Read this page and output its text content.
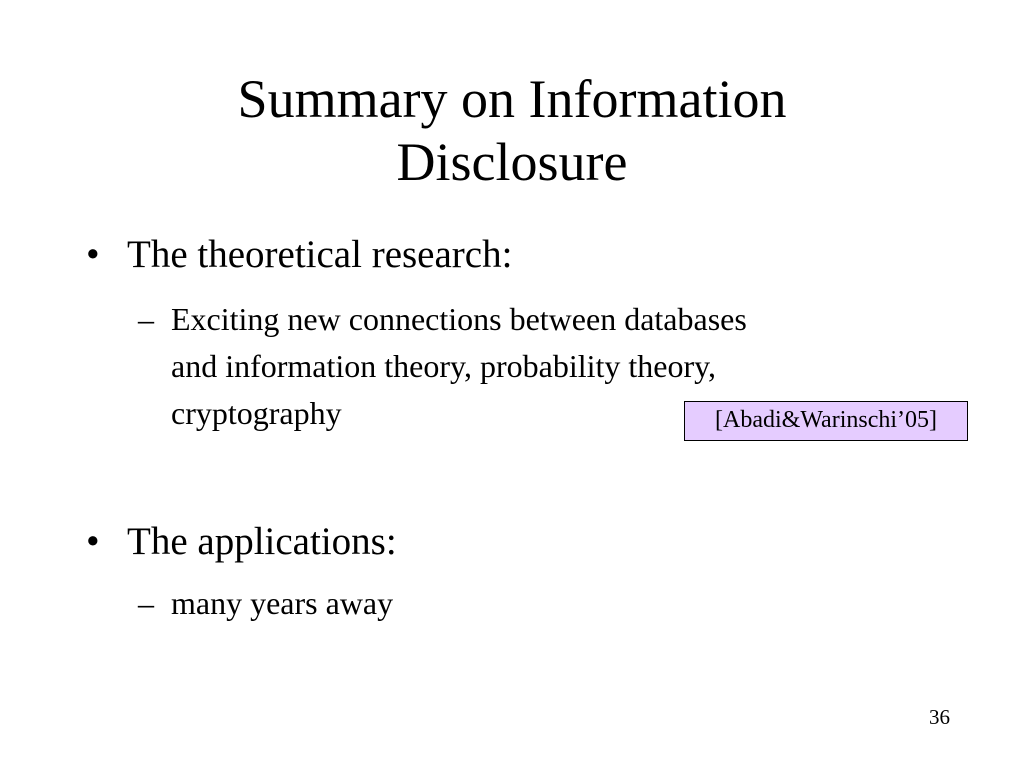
Summary on Information
Disclosure
• The theoretical research:
– Exciting new connections between databases
and information theory, probability theory,
cryptography	[Abadi&Warinschi’05]
• The applications:
– many years away
36
